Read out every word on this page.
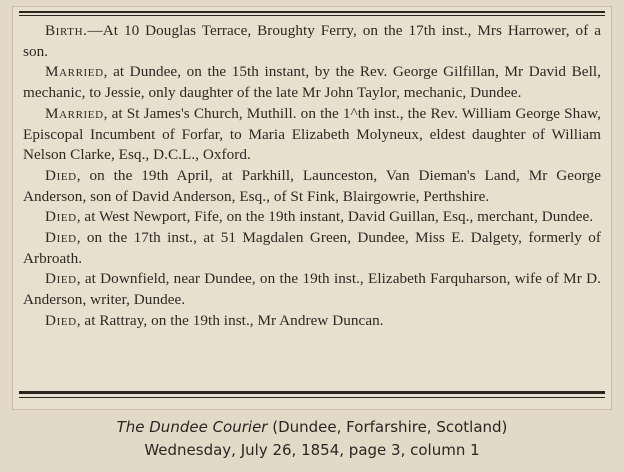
Birth.—At 10 Douglas Terrace, Broughty Ferry, on the 17th inst., Mrs Harrower, of a son.

Married, at Dundee, on the 15th instant, by the Rev. George Gilfillan, Mr David Bell, mechanic, to Jessie, only daughter of the late Mr John Taylor, mechanic, Dundee.

Married, at St James's Church, Muthill. on the 1^th inst., the Rev. William George Shaw, Episcopal Incumbent of Forfar, to Maria Elizabeth Molyneux, eldest daughter of William Nelson Clarke, Esq., D.C.L., Oxford.

Died, on the 19th April, at Parkhill, Launceston, Van Dieman's Land, Mr George Anderson, son of David Anderson, Esq., of St Fink, Blairgowrie, Perthshire.

Died, at West Newport, Fife, on the 19th instant, David Guillan, Esq., merchant, Dundee.

Died, on the 17th inst., at 51 Magdalen Green, Dundee, Miss E. Dalgety, formerly of Arbroath.

Died, at Downfield, near Dundee, on the 19th inst., Elizabeth Farquharson, wife of Mr D. Anderson, writer, Dundee.

Died, at Rattray, on the 19th inst., Mr Andrew Duncan.

The Dundee Courier (Dundee, Forfarshire, Scotland)
Wednesday, July 26, 1854, page 3, column 1
